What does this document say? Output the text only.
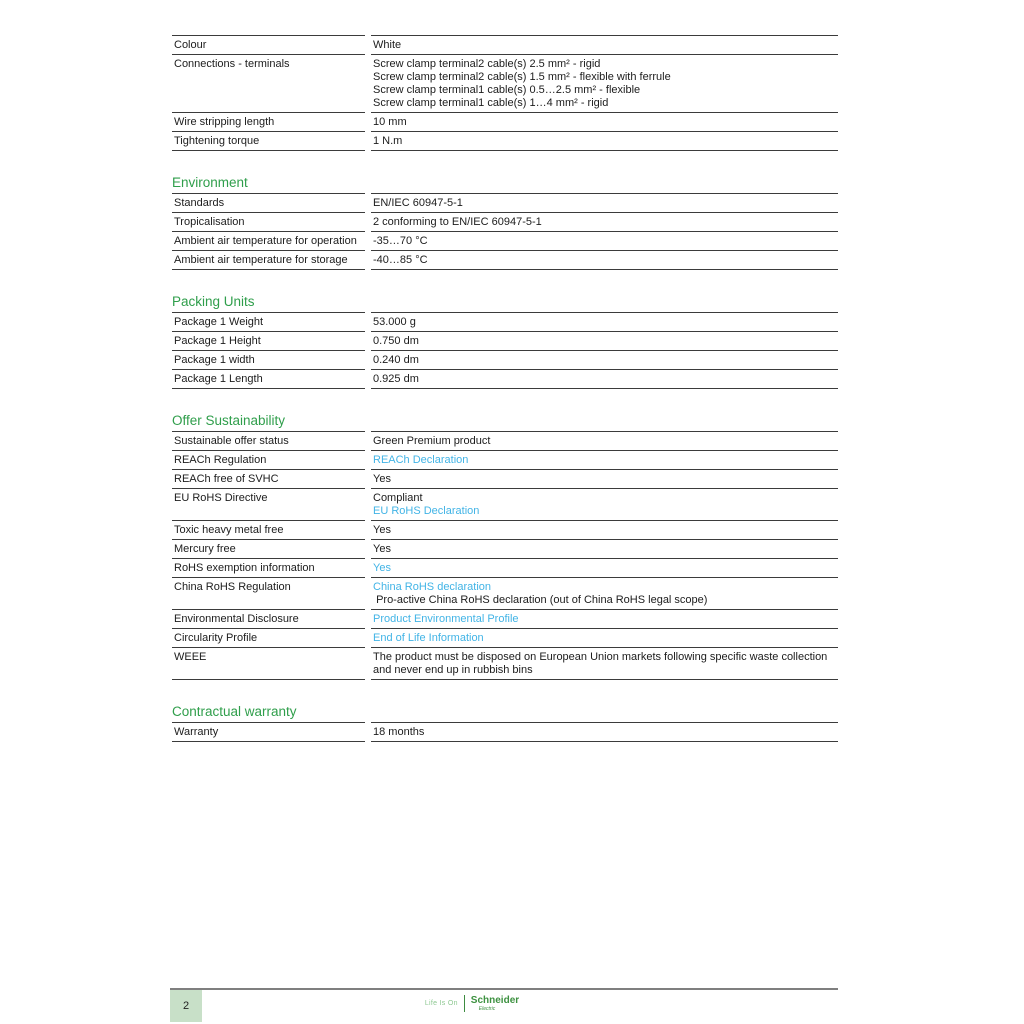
Colour	White
Connections - terminals	Screw clamp terminal2 cable(s) 2.5 mm² - rigid
Screw clamp terminal2 cable(s) 1.5 mm² - flexible with ferrule
Screw clamp terminal1 cable(s) 0.5…2.5 mm² - flexible
Screw clamp terminal1 cable(s) 1…4 mm² - rigid
Wire stripping length	10 mm
Tightening torque	1 N.m
Environment
Standards	EN/IEC 60947-5-1
Tropicalisation	2 conforming to EN/IEC 60947-5-1
Ambient air temperature for operation	-35…70 °C
Ambient air temperature for storage	-40…85 °C
Packing Units
Package 1 Weight	53.000 g
Package 1 Height	0.750 dm
Package 1 width	0.240 dm
Package 1 Length	0.925 dm
Offer Sustainability
Sustainable offer status	Green Premium product
REACh Regulation	REACh Declaration
REACh free of SVHC	Yes
EU RoHS Directive	Compliant
EU RoHS Declaration
Toxic heavy metal free	Yes
Mercury free	Yes
RoHS exemption information	Yes
China RoHS Regulation	China RoHS declaration
Pro-active China RoHS declaration (out of China RoHS legal scope)
Environmental Disclosure	Product Environmental Profile
Circularity Profile	End of Life Information
WEEE	The product must be disposed on European Union markets following specific waste collection and never end up in rubbish bins
Contractual warranty
Warranty	18 months
2	Life Is On Schneider
Electric
